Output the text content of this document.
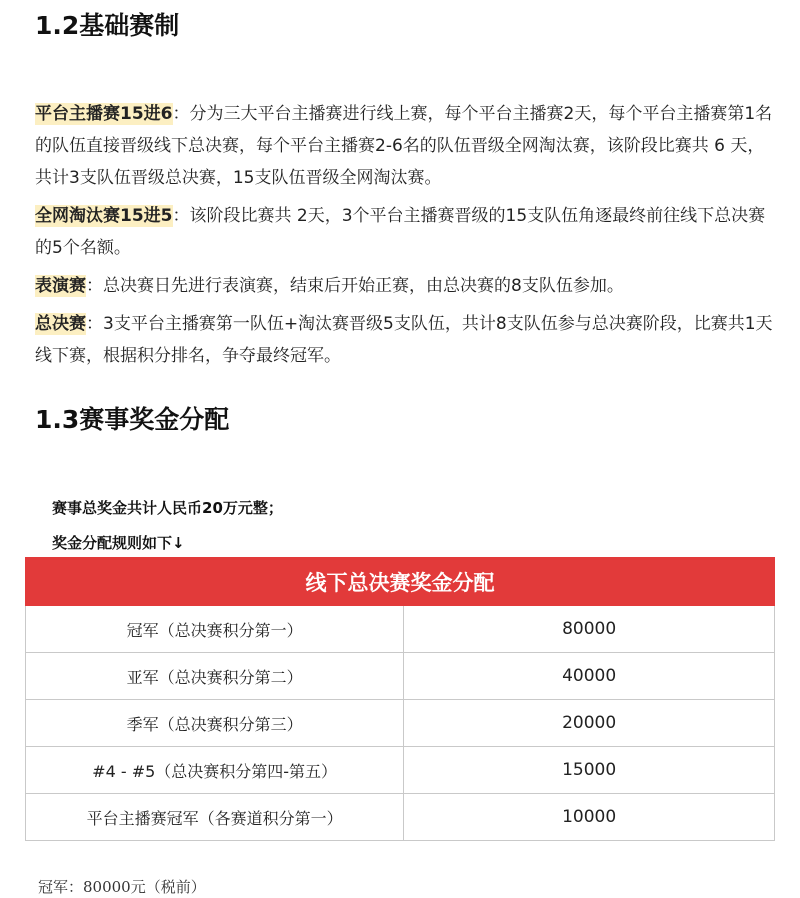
1.2基础赛制

平台主播赛15进6：分为三大平台主播赛进行线上赛，每个平台主播赛2天，每个平台主播赛第1名的队伍直接晋级线下总决赛，每个平台主播赛2-6名的队伍晋级全网淘汰赛，该阶段比赛共 6 天，共计3支队伍晋级总决赛，15支队伍晋级全网淘汰赛。

全网淘汰赛15进5：该阶段比赛共 2天，3个平台主播赛晋级的15支队伍角逐最终前往线下总决赛的5个名额。

表演赛：总决赛日先进行表演赛，结束后开始正赛，由总决赛的8支队伍参加。

总决赛：3支平台主播赛第一队伍+淘汰赛晋级5支队伍，共计8支队伍参与总决赛阶段，比赛共1天线下赛，根据积分排名，争夺最终冠军。

1.3赛事奖金分配

赛事总奖金共计人民币20万元整；

奖金分配规则如下↓

线下总决赛奖金分配	
冠军（总决赛积分第一）	80000
亚军（总决赛积分第二）	40000
季军（总决赛积分第三）	20000
#4 - #5（总决赛积分第四-第五）	15000
平台主播赛冠军（各赛道积分第一）	10000

冠军：80000元（税前）
